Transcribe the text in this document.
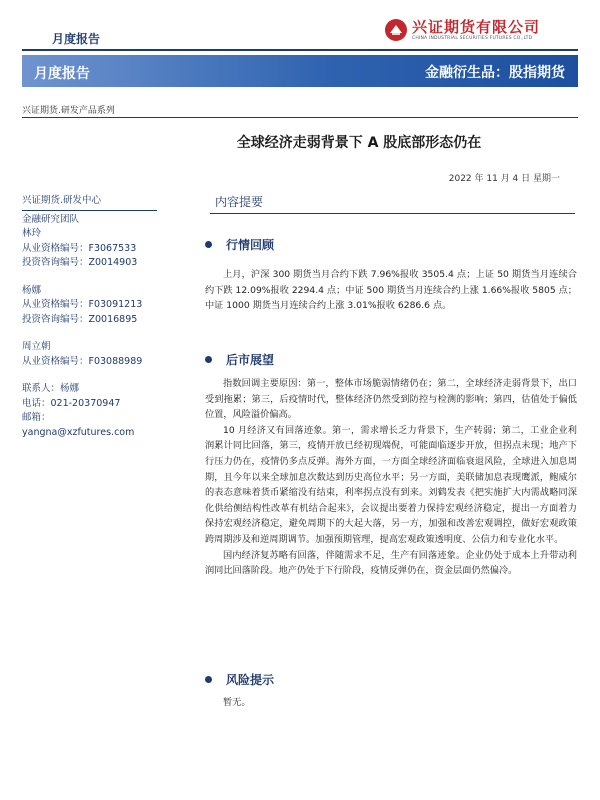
月度报告
兴证期货有限公司
CHINA INDUSTRIAL SECURITIES FUTURES CO.,LTD
月度报告	金融衍生品：股指期货
兴证期货.研发产品系列
全球经济走弱背景下 A 股底部形态仍在
2022 年 11 月 4 日 星期一

兴证期货.研发中心

金融研究团队

林玲

从业资格编号：F3067533

投资咨询编号：Z0014903

杨娜

从业资格编号：F03091213

投资咨询编号：Z0016895

周立朝

从业资格编号：F03088989

联系人：杨娜

电话：021-20370947

邮箱：

yangna@xzfutures.com

内容提要
行情回顾

上月，沪深 300 期货当月合约下跌 7.96%报收 3505.4 点；上证 50 期货当月连续合约下跌 12.09%报收 2294.4 点；中证 500 期货当月连续合约上涨 1.66%报收 5805 点；中证 1000 期货当月连续合约上涨 3.01%报收 6286.6 点。

后市展望

指数回调主要原因：第一，整体市场脆弱情绪仍在；第二，全球经济走弱背景下，出口受到拖累；第三，后疫情时代，整体经济仍然受到防控与检测的影响；第四，估值处于偏低位置，风险溢价偏高。

10 月经济又有回落迹象。第一，需求增长乏力背景下，生产转弱；第二，工业企业利润累计同比回落，第三，疫情开放已经初现端倪，可能面临逐步开放，但拐点未现；地产下行压力仍在，疫情仍多点反弹。海外方面，一方面全球经济面临衰退风险，全球进入加息周期，且今年以来全球加息次数达到历史高位水平；另一方面，美联储加息表现鹰派，鲍威尔的表态意味着货币紧缩没有结束，利率拐点没有到来。刘鹤发表《把实施扩大内需战略同深化供给侧结构性改革有机结合起来》，会议提出要着力保持宏观经济稳定，提出一方面着力保持宏观经济稳定，避免周期下的大起大落，另一方，加强和改善宏观调控，做好宏观政策跨周期涉及和逆周期调节。加强预期管理，提高宏观政策透明度、公信力和专业化水平。

国内经济复苏略有回落，伴随需求不足，生产有回落迹象。企业仍处于成本上升带动利润同比回落阶段。地产仍处于下行阶段，疫情反弹仍在，资金层面仍然偏冷。

风险提示

暂无。
